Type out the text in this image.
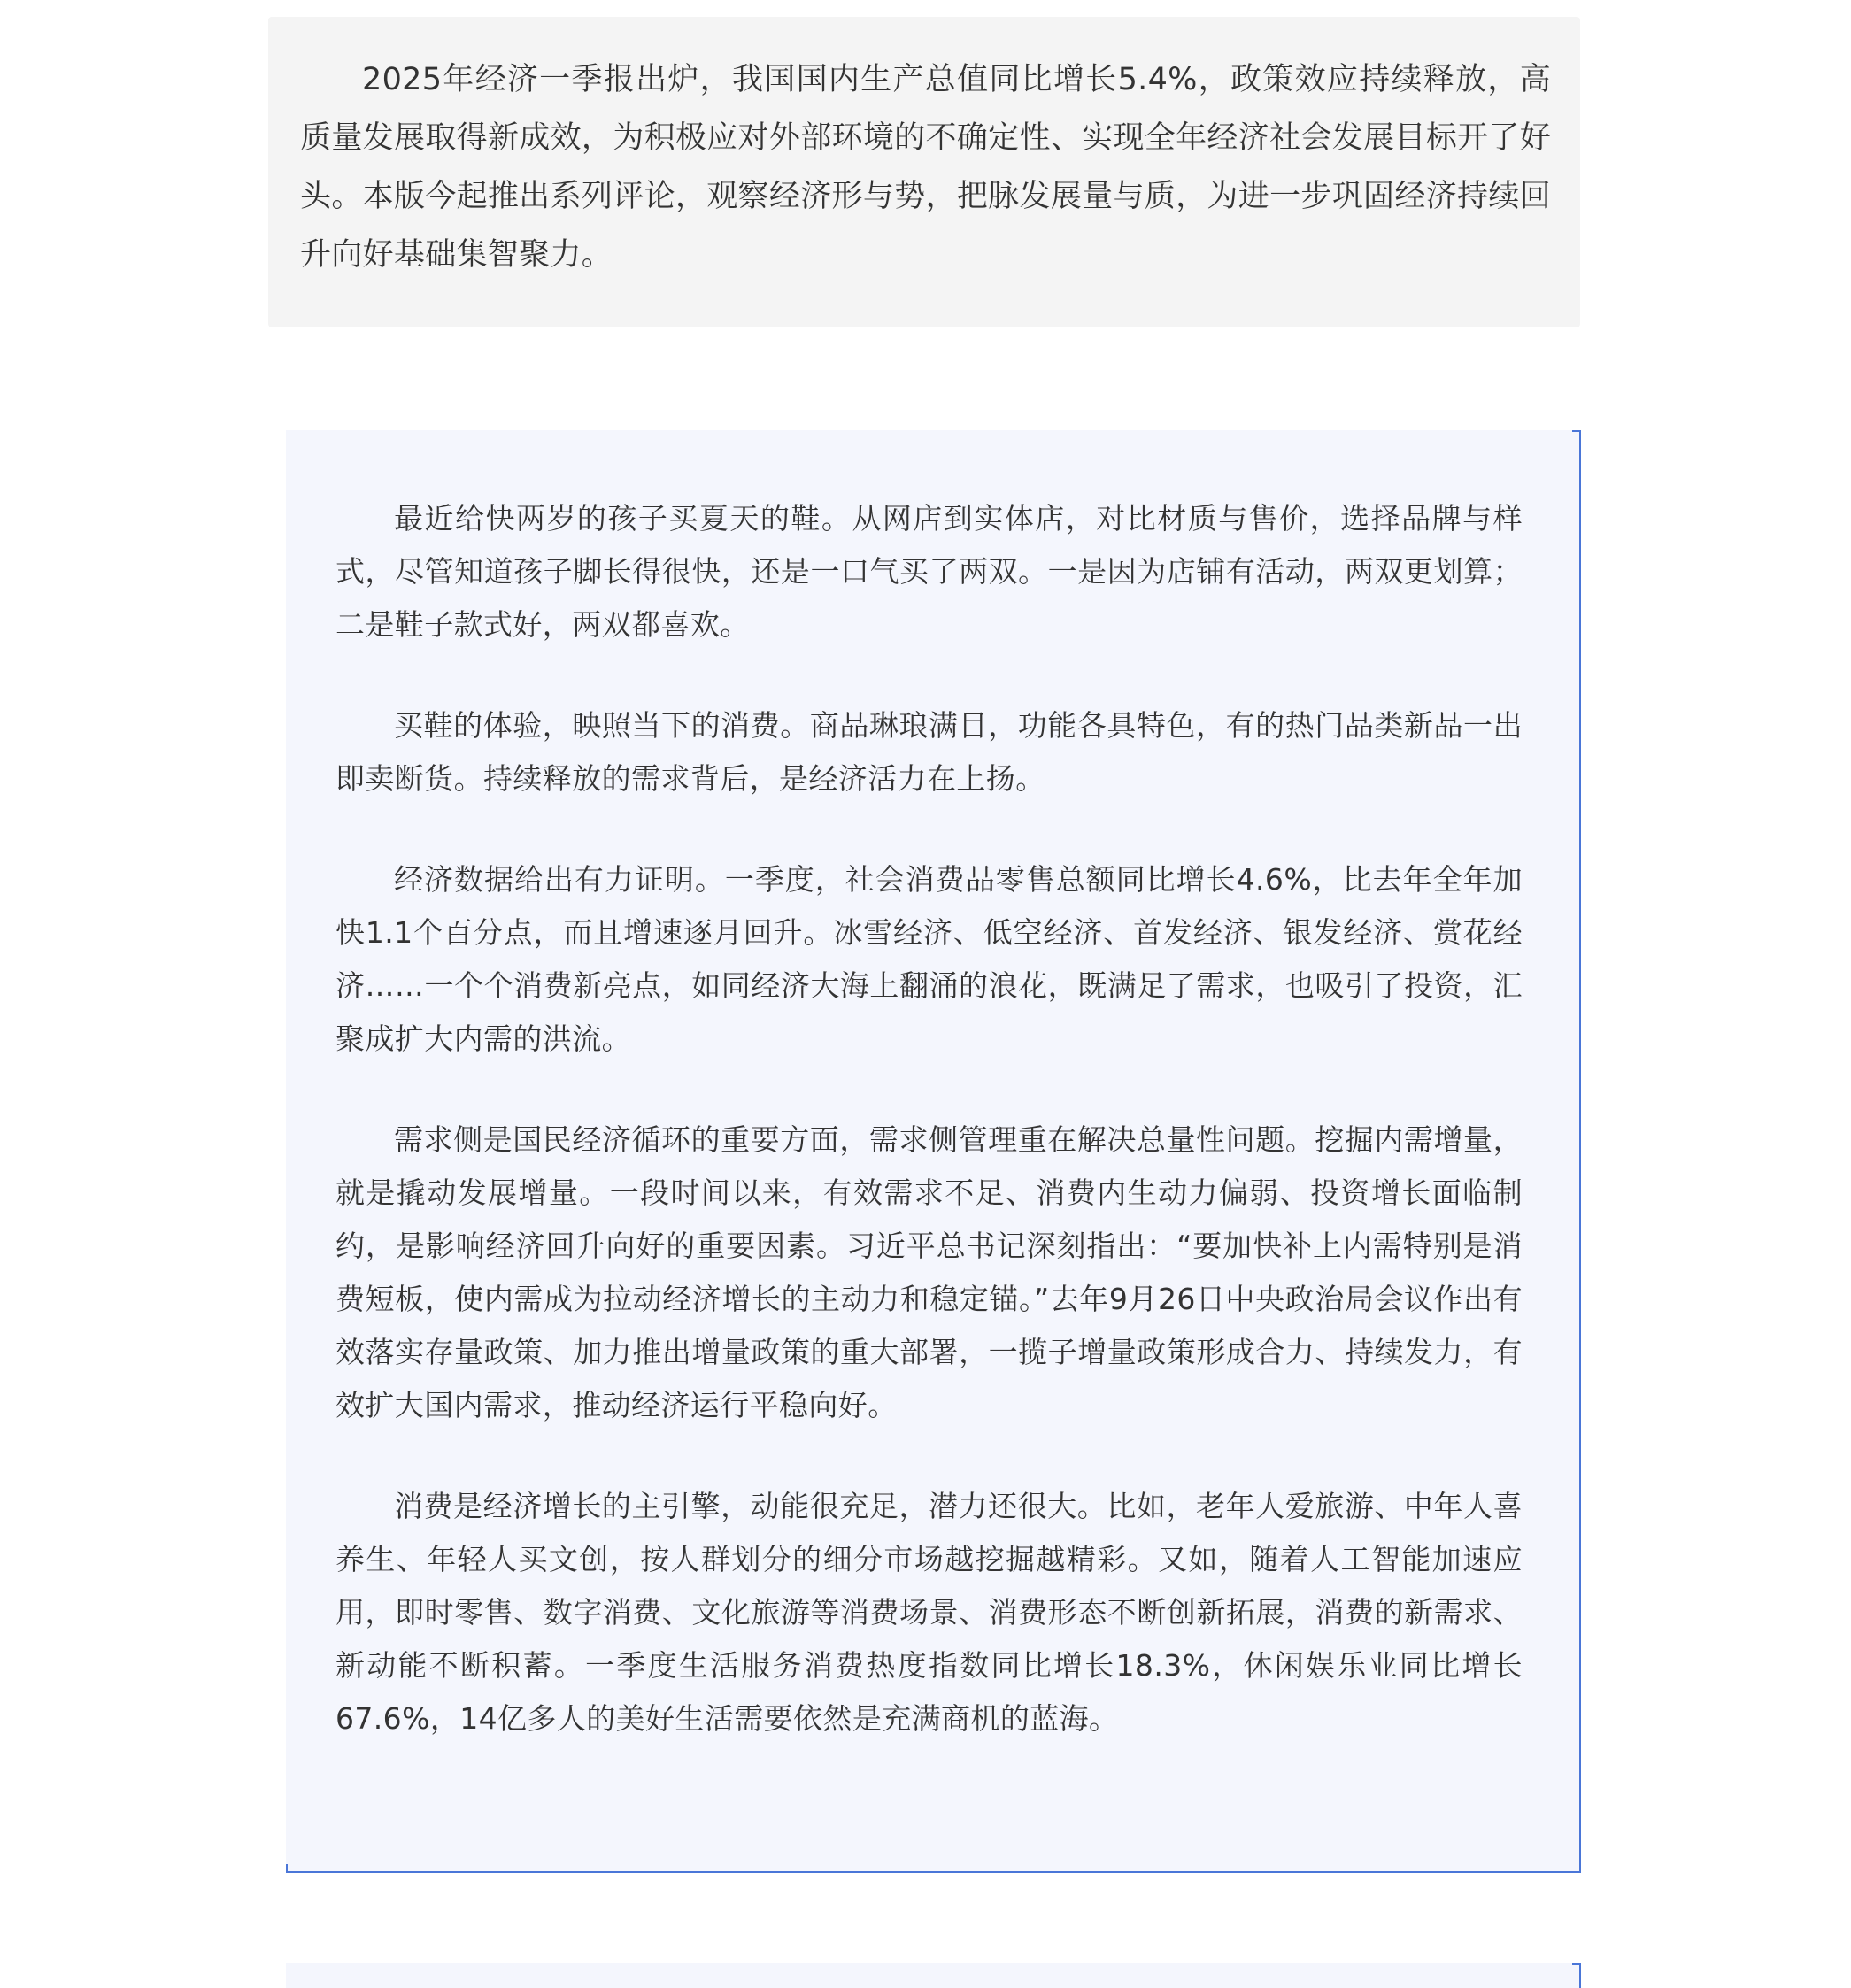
2025年经济一季报出炉，我国国内生产总值同比增长5.4%，政策效应持续释放，高质量发展取得新成效，为积极应对外部环境的不确定性、实现全年经济社会发展目标开了好头。本版今起推出系列评论，观察经济形与势，把脉发展量与质，为进一步巩固经济持续回升向好基础集智聚力。

最近给快两岁的孩子买夏天的鞋。从网店到实体店，对比材质与售价，选择品牌与样式，尽管知道孩子脚长得很快，还是一口气买了两双。一是因为店铺有活动，两双更划算；二是鞋子款式好，两双都喜欢。

买鞋的体验，映照当下的消费。商品琳琅满目，功能各具特色，有的热门品类新品一出即卖断货。持续释放的需求背后，是经济活力在上扬。

经济数据给出有力证明。一季度，社会消费品零售总额同比增长4.6%，比去年全年加快1.1个百分点，而且增速逐月回升。冰雪经济、低空经济、首发经济、银发经济、赏花经济……一个个消费新亮点，如同经济大海上翻涌的浪花，既满足了需求，也吸引了投资，汇聚成扩大内需的洪流。

需求侧是国民经济循环的重要方面，需求侧管理重在解决总量性问题。挖掘内需增量，就是撬动发展增量。一段时间以来，有效需求不足、消费内生动力偏弱、投资增长面临制约，是影响经济回升向好的重要因素。习近平总书记深刻指出：“要加快补上内需特别是消费短板，使内需成为拉动经济增长的主动力和稳定锚。”去年9月26日中央政治局会议作出有效落实存量政策、加力推出增量政策的重大部署，一揽子增量政策形成合力、持续发力，有效扩大国内需求，推动经济运行平稳向好。

消费是经济增长的主引擎，动能很充足，潜力还很大。比如，老年人爱旅游、中年人喜养生、年轻人买文创，按人群划分的细分市场越挖掘越精彩。又如，随着人工智能加速应用，即时零售、数字消费、文化旅游等消费场景、消费形态不断创新拓展，消费的新需求、新动能不断积蓄。一季度生活服务消费热度指数同比增长18.3%，休闲娱乐业同比增长67.6%，14亿多人的美好生活需要依然是充满商机的蓝海。
